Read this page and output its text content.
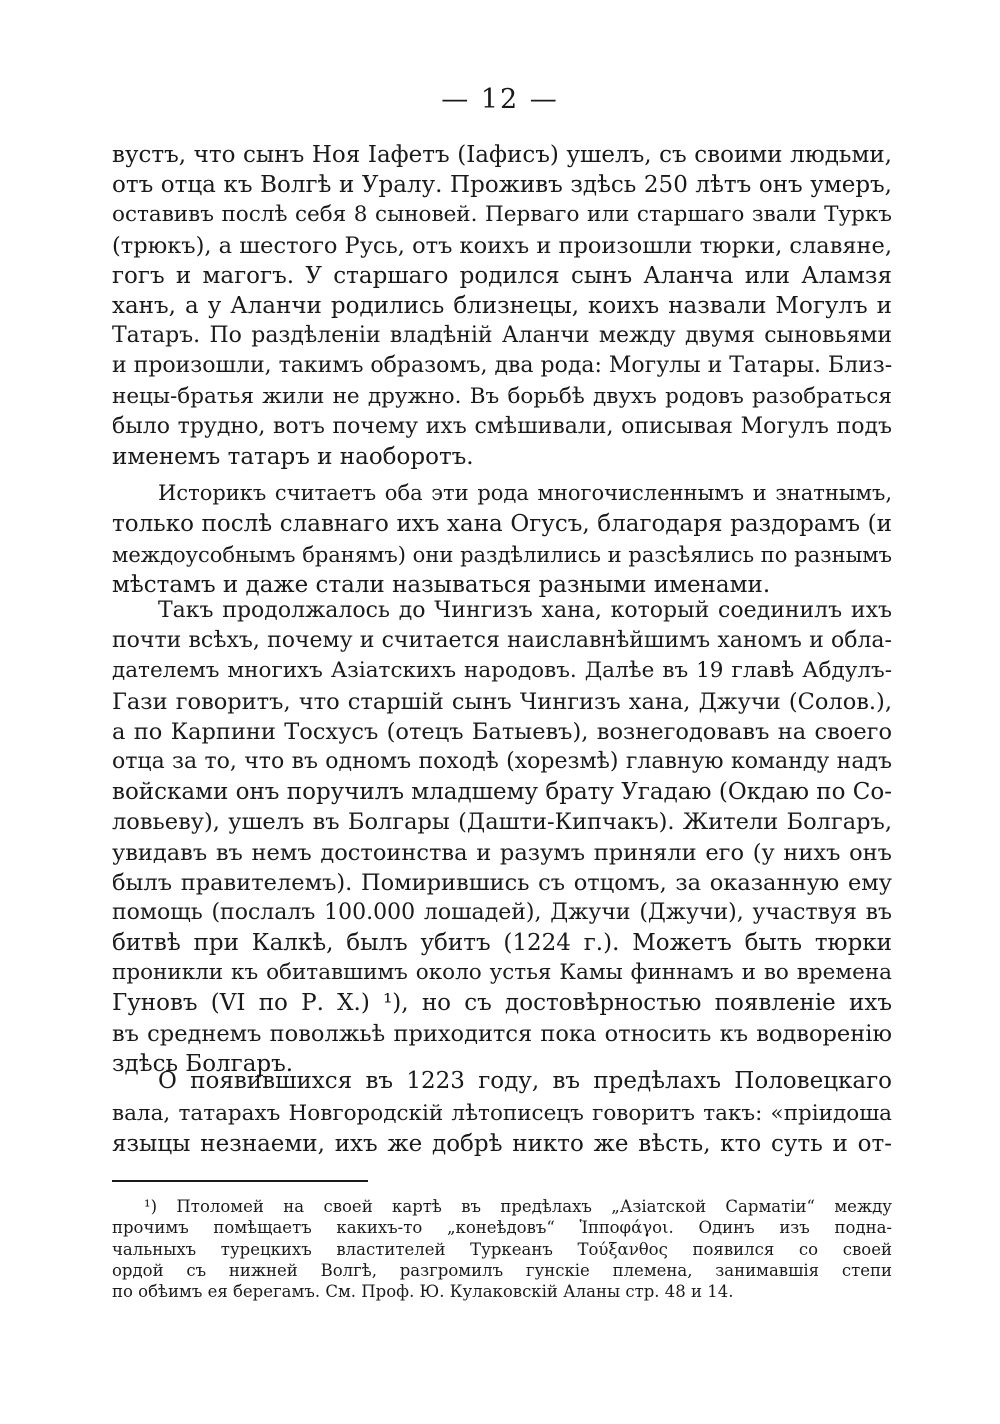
— 12 —
вустъ, что сынъ Ноя Іафетъ (Іафисъ) ушелъ, съ своими людьми,
отъ отца къ Волгѣ и Уралу. Проживъ здѣсь 250 лѣтъ онъ умеръ,
оставивъ послѣ себя 8 сыновей. Перваго или старшаго звали Туркъ
(трюкъ), а шестого Русь, отъ коихъ и произошли тюрки, славяне,
гогъ и магогъ. У старшаго родился сынъ Аланча или Аламзя
ханъ, а у Аланчи родились близнецы, коихъ назвали Могулъ и
Татаръ. По раздѣленіи владѣній Аланчи между двумя сыновьями
и произошли, такимъ образомъ, два рода: Могулы и Татары. Близ-
нецы-братья жили не дружно. Въ борьбѣ двухъ родовъ разобраться
было трудно, вотъ почему ихъ смѣшивали, описывая Могулъ подъ
именемъ татаръ и наоборотъ.
Историкъ считаетъ оба эти рода многочисленнымъ и знатнымъ,
только послѣ славнаго ихъ хана Огусъ, благодаря раздорамъ (и
междоусобнымъ бранямъ) они раздѣлились и разсѣялись по разнымъ
мѣстамъ и даже стали называться разными именами.
Такъ продолжалось до Чингизъ хана, который соединилъ ихъ
почти всѣхъ, почему и считается наиславнѣйшимъ ханомъ и обла-
дателемъ многихъ Азіатскихъ народовъ. Далѣе въ 19 главѣ Абдулъ-
Гази говоритъ, что старшій сынъ Чингизъ хана, Джучи (Солов.),
а по Карпини Тосхусъ (отецъ Батыевъ), вознегодовавъ на своего
отца за то, что въ одномъ походѣ (хорезмѣ) главную команду надъ
войсками онъ поручилъ младшему брату Угадаю (Окдаю по Со-
ловьеву), ушелъ въ Болгары (Дашти-Кипчакъ). Жители Болгаръ,
увидавъ въ немъ достоинства и разумъ приняли его (у нихъ онъ
былъ правителемъ). Помирившись съ отцомъ, за оказанную ему
помощь (послалъ 100.000 лошадей), Джучи (Джучи), участвуя въ
битвѣ при Калкѣ, былъ убитъ (1224 г.). Можетъ быть тюрки
проникли къ обитавшимъ около устья Камы финнамъ и во времена
Гуновъ (VI по Р. Х.) ¹), но съ достовѣрностью появленіе ихъ
въ среднемъ поволжьѣ приходится пока относить къ водворенію
здѣсь Болгаръ.
О появившихся въ 1223 году, въ предѣлахъ Половецкаго
вала, татарахъ Новгородскій лѣтописецъ говоритъ такъ: «пріидоша
языцы незнаеми, ихъ же добрѣ никто же вѣсть, кто суть и от-
¹) Птоломей на своей картѣ въ предѣлахъ „Азіатской Сарматіи“ между
прочимъ помѣщаетъ какихъ-то „конеѣдовъ“ Ἱπποφάγοι. Одинъ изъ подна-
чальныхъ турецкихъ властителей Туркеанъ Τούξανθος появился со своей
ордой съ нижней Волгѣ, разгромилъ гунскіе племена, занимавшія степи
по обѣимъ ея берегамъ. См. Проф. Ю. Кулаковскій Аланы стр. 48 и 14.
